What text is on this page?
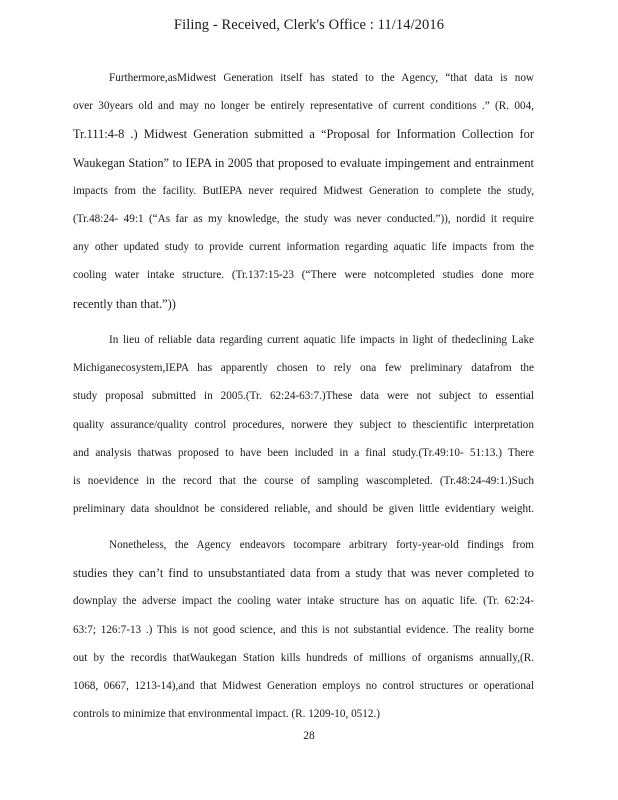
Filing - Received, Clerk's Office : 11/14/2016
Furthermore,asMidwest Generation itself has stated to the Agency, “that data is now
over 30years old and may no longer be entirely representative of current conditions .” (R. 004,
Tr.111:4-8 .) Midwest Generation submitted a “Proposal for Information Collection for
Waukegan Station” to IEPA in 2005 that proposed to evaluate impingement and entrainment
impacts from the facility. ButIEPA never required Midwest Generation to complete the study,
(Tr.48:24- 49:1 (“As far as my knowledge, the study was never conducted.”)), nordid it require
any other updated study to provide current information regarding aquatic life impacts from the
cooling water intake structure. (Tr.137:15-23 (“There were notcompleted studies done more
recently than that.”))
In lieu of reliable data regarding current aquatic life impacts in light of thedeclining Lake
Michiganecosystem,IEPA has apparently chosen to rely ona few preliminary datafrom the
study proposal submitted in 2005.(Tr. 62:24-63:7.)These data were not subject to essential
quality assurance/quality control procedures, norwere they subject to thescientific interpretation
and analysis thatwas proposed to have been included in a final study.(Tr.49:10- 51:13.) There
is noevidence in the record that the course of sampling wascompleted. (Tr.48:24-49:1.)Such
preliminary data shouldnot be considered reliable, and should be given little evidentiary weight.
Nonetheless, the Agency endeavors tocompare arbitrary forty-year-old findings from
studies they can’t find to unsubstantiated data from a study that was never completed to
downplay the adverse impact the cooling water intake structure has on aquatic life. (Tr. 62:24-
63:7; 126:7-13 .) This is not good science, and this is not substantial evidence. The reality borne
out by the recordis thatWaukegan Station kills hundreds of millions of organisms annually,(R.
1068, 0667, 1213-14),and that Midwest Generation employs no control structures or operational
controls to minimize that environmental impact. (R. 1209-10, 0512.)
28
